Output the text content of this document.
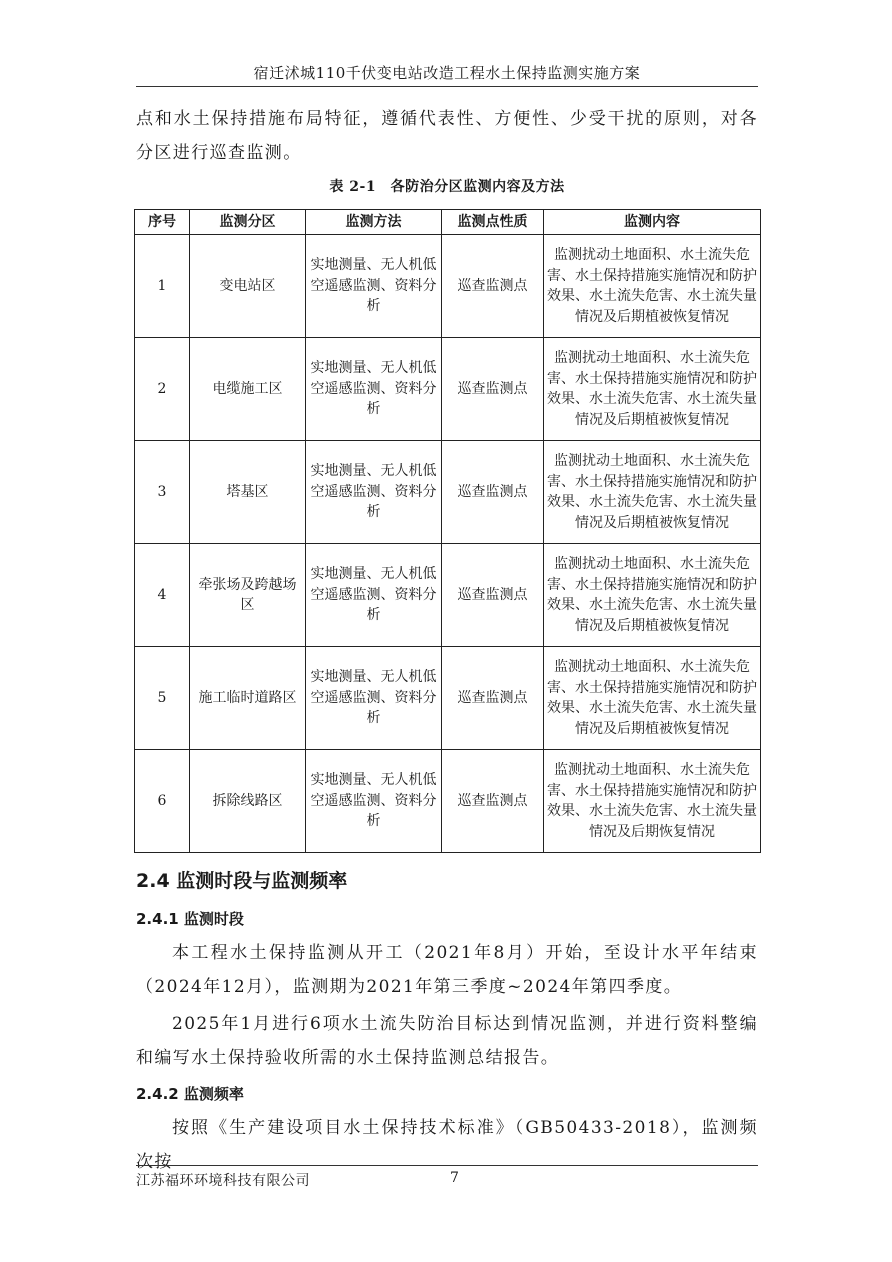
宿迁沭城110千伏变电站改造工程水土保持监测实施方案

点和水土保持措施布局特征，遵循代表性、方便性、少受干扰的原则，对各分区进行巡查监测。

表 2-1　各防治分区监测内容及方法
序号	监测分区	监测方法	监测点性质	监测内容
1	变电站区	实地测量、无人机低空遥感监测、资料分析	巡查监测点	监测扰动土地面积、水土流失危害、水土保持措施实施情况和防护效果、水土流失危害、水土流失量情况及后期植被恢复情况
2	电缆施工区	实地测量、无人机低空遥感监测、资料分析	巡查监测点	监测扰动土地面积、水土流失危害、水土保持措施实施情况和防护效果、水土流失危害、水土流失量情况及后期植被恢复情况
3	塔基区	实地测量、无人机低空遥感监测、资料分析	巡查监测点	监测扰动土地面积、水土流失危害、水土保持措施实施情况和防护效果、水土流失危害、水土流失量情况及后期植被恢复情况
4	牵张场及跨越场区	实地测量、无人机低空遥感监测、资料分析	巡查监测点	监测扰动土地面积、水土流失危害、水土保持措施实施情况和防护效果、水土流失危害、水土流失量情况及后期植被恢复情况
5	施工临时道路区	实地测量、无人机低空遥感监测、资料分析	巡查监测点	监测扰动土地面积、水土流失危害、水土保持措施实施情况和防护效果、水土流失危害、水土流失量情况及后期植被恢复情况
6	拆除线路区	实地测量、无人机低空遥感监测、资料分析	巡查监测点	监测扰动土地面积、水土流失危害、水土保持措施实施情况和防护效果、水土流失危害、水土流失量情况及后期恢复情况
2.4 监测时段与监测频率
2.4.1 监测时段

本工程水土保持监测从开工（2021年8月）开始，至设计水平年结束（2024年12月），监测期为2021年第三季度~2024年第四季度。

2025年1月进行6项水土流失防治目标达到情况监测，并进行资料整编和编写水土保持验收所需的水土保持监测总结报告。

2.4.2 监测频率

按照《生产建设项目水土保持技术标准》（GB50433-2018），监测频次按

江苏福环环境科技有限公司	7
